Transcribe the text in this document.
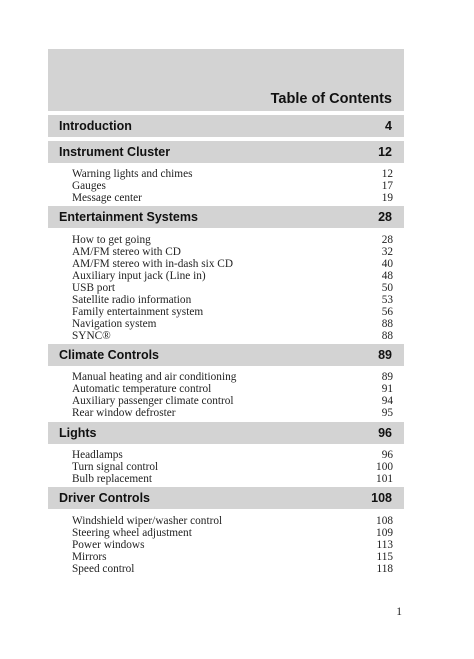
Table of Contents
Introduction	4
Instrument Cluster	12
Warning lights and chimes	12
Gauges	17
Message center	19
Entertainment Systems	28
How to get going	28
AM/FM stereo with CD	32
AM/FM stereo with in-dash six CD	40
Auxiliary input jack (Line in)	48
USB port	50
Satellite radio information	53
Family entertainment system	56
Navigation system	88
SYNC®	88
Climate Controls	89
Manual heating and air conditioning	89
Automatic temperature control	91
Auxiliary passenger climate control	94
Rear window defroster	95
Lights	96
Headlamps	96
Turn signal control	100
Bulb replacement	101
Driver Controls	108
Windshield wiper/washer control	108
Steering wheel adjustment	109
Power windows	113
Mirrors	115
Speed control	118
1
